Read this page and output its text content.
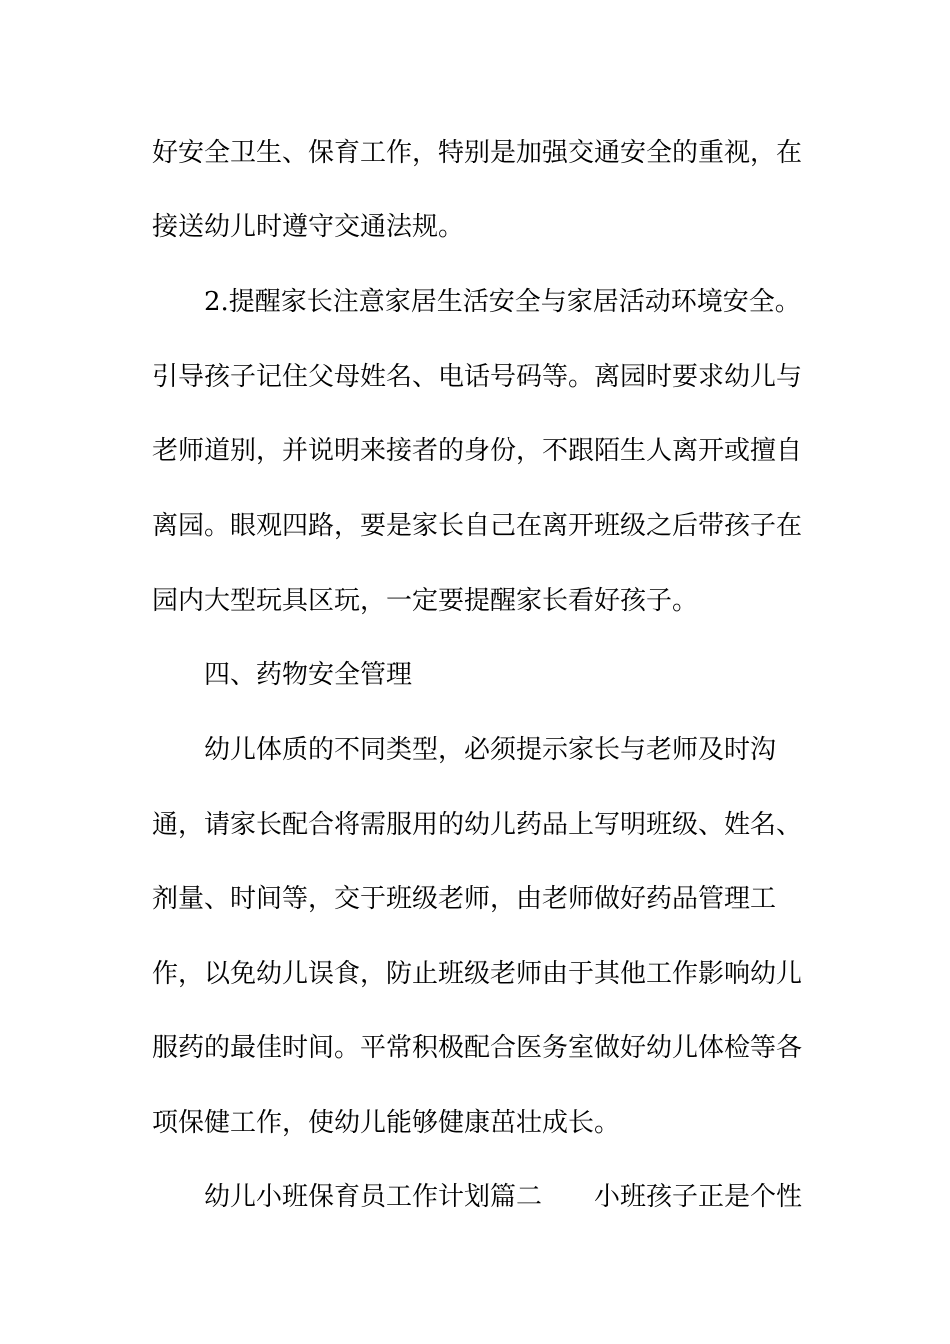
好安全卫生、保育工作，特别是加强交通安全的重视，在

接送幼儿时遵守交通法规。

2.提醒家长注意家居生活安全与家居活动环境安全。

引导孩子记住父母姓名、电话号码等。离园时要求幼儿与

老师道别，并说明来接者的身份，不跟陌生人离开或擅自

离园。眼观四路，要是家长自己在离开班级之后带孩子在

园内大型玩具区玩，一定要提醒家长看好孩子。

四、药物安全管理

幼儿体质的不同类型，必须提示家长与老师及时沟

通，请家长配合将需服用的幼儿药品上写明班级、姓名、

剂量、时间等，交于班级老师，由老师做好药品管理工

作，以免幼儿误食，防止班级老师由于其他工作影响幼儿

服药的最佳时间。平常积极配合医务室做好幼儿体检等各

项保健工作，使幼儿能够健康茁壮成长。

幼儿小班保育员工作计划篇二　　小班孩子正是个性
